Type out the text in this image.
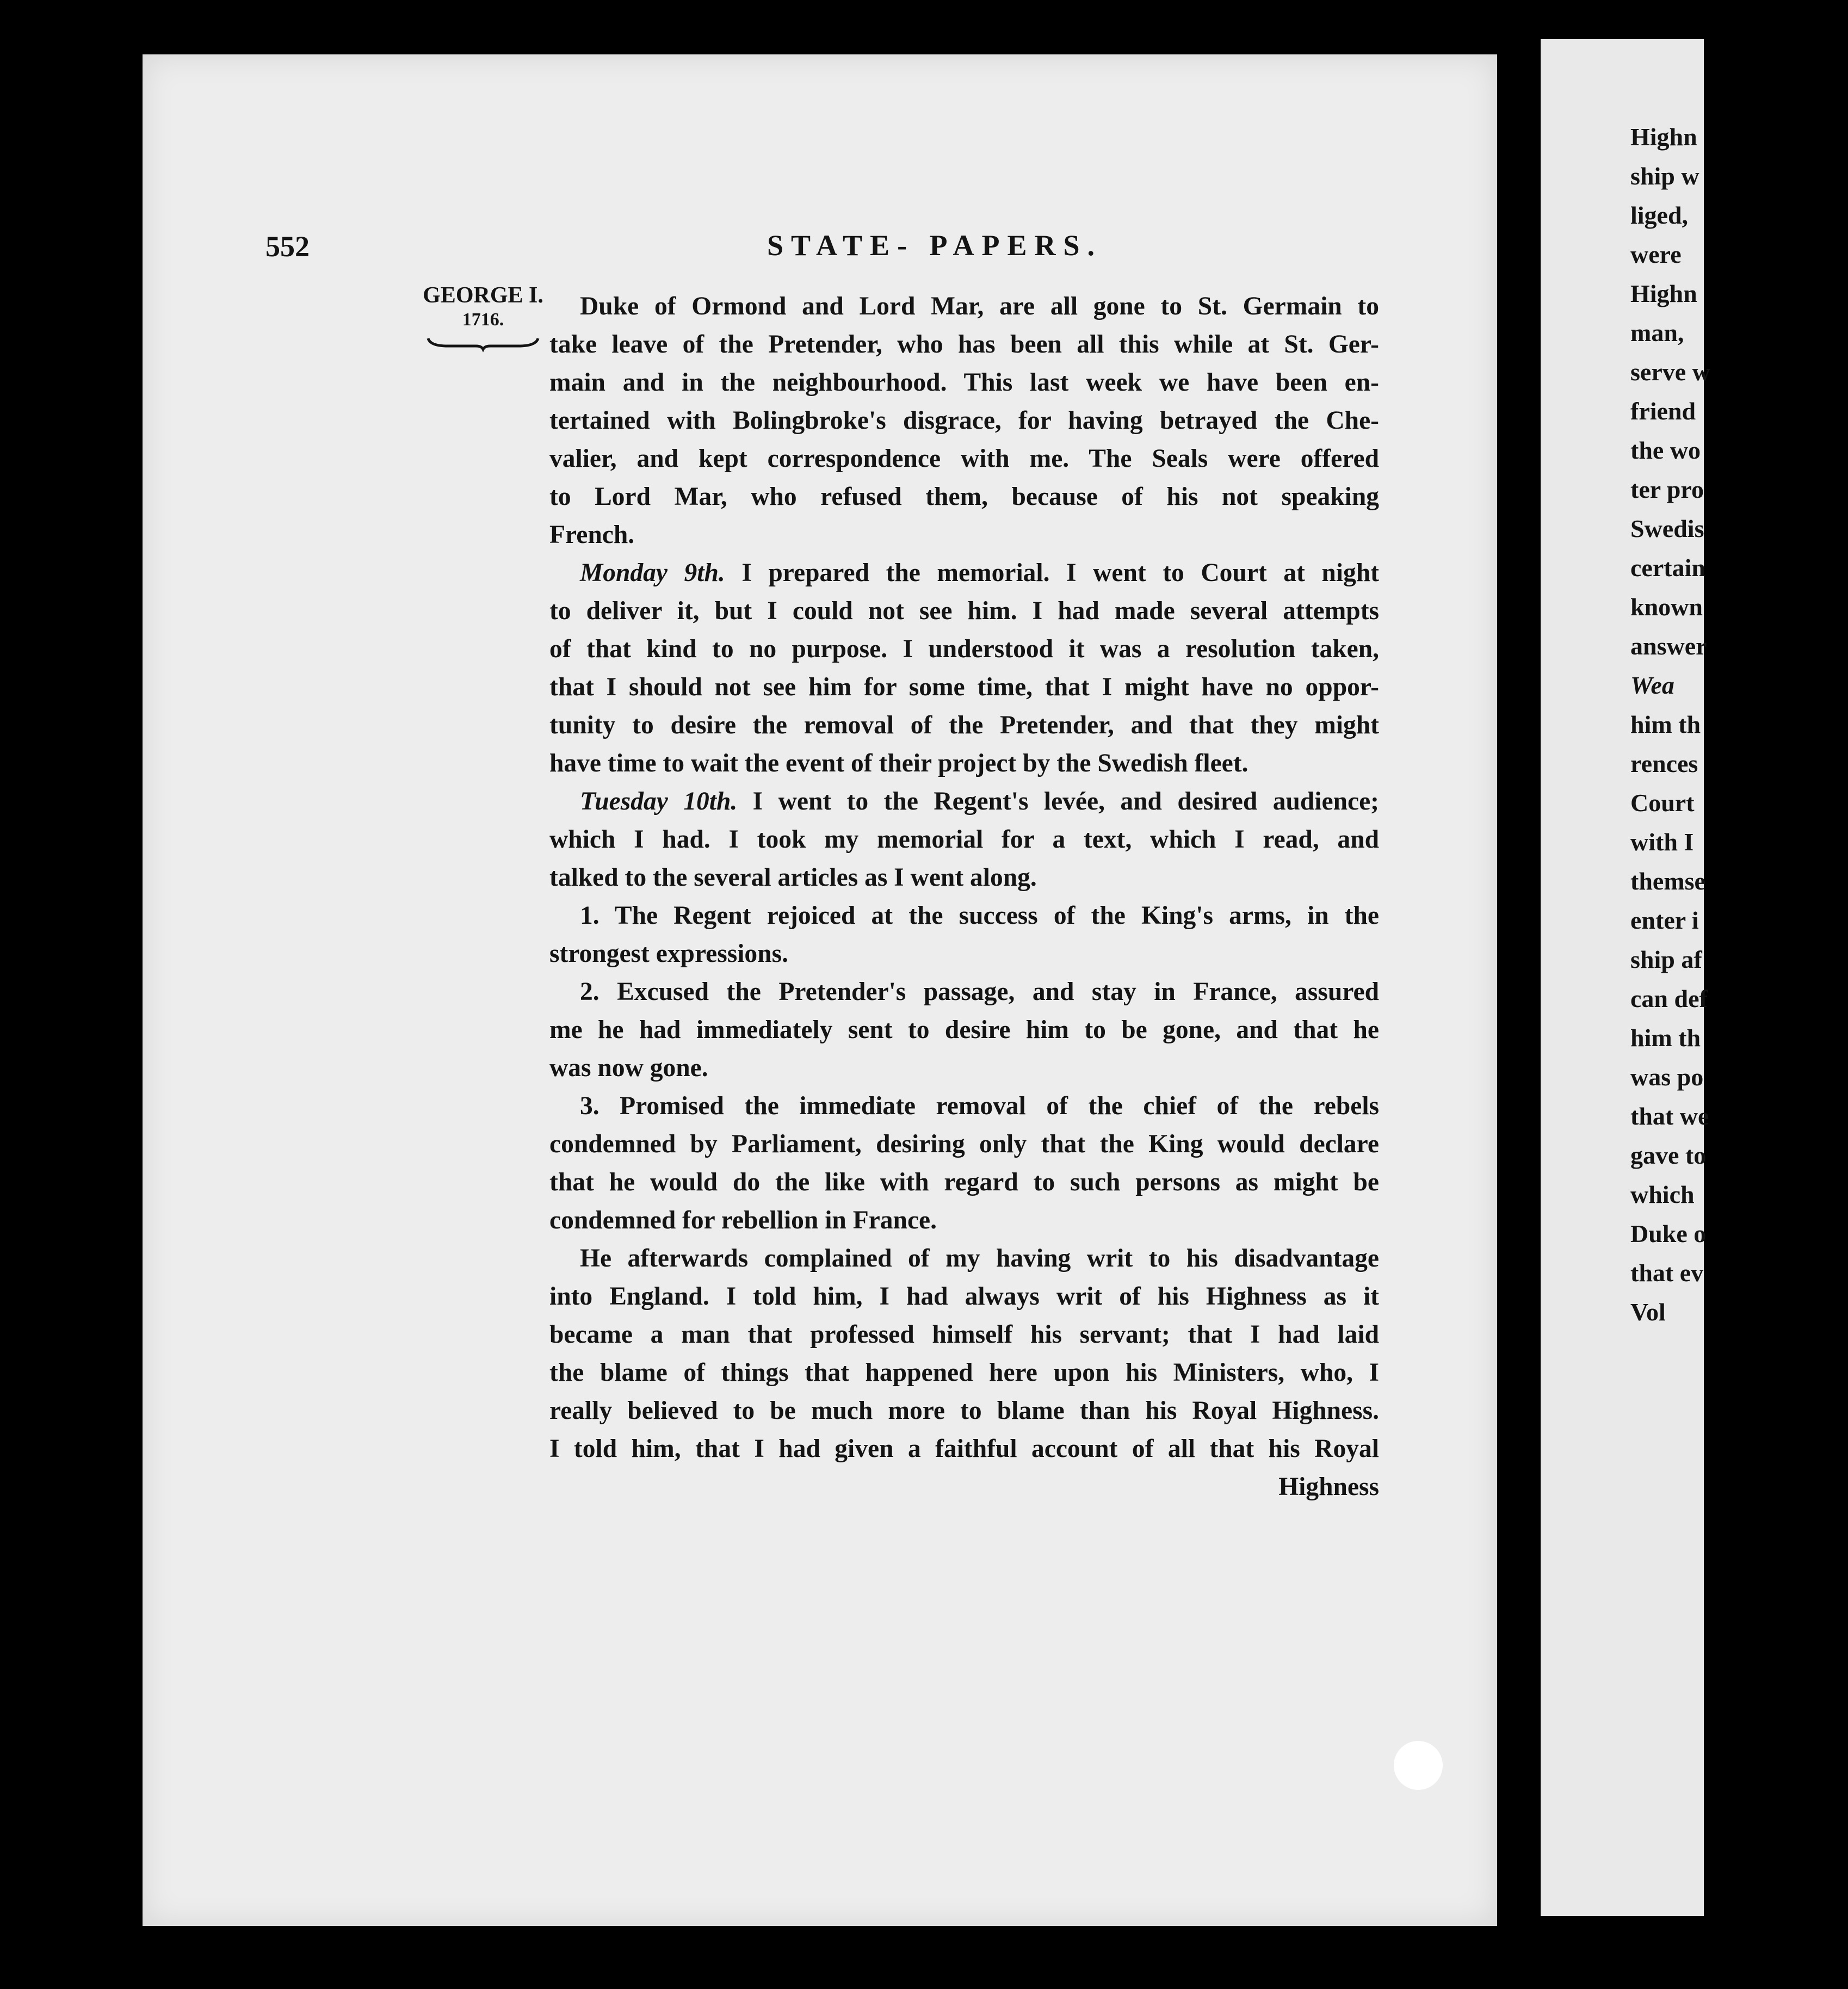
Highn
ship w
liged,
were
Highn
man,
serve w
friend
the wo
ter pro
Swedis
certain
known
answer
Wea
him th
rences
Court
with I
themse
enter i
ship af
can def
him th
was po
that we
gave to
which
Duke o
that ev
Vol
552	STATE- PAPERS.
GEORGE I.
1716.	Duke of Ormond and Lord Mar, are all gone to St. Germain to
take leave of the Pretender, who has been all this while at St. Ger-
main and in the neighbourhood. This last week we have been en-
tertained with Bolingbroke's disgrace, for having betrayed the Che-
valier, and kept correspondence with me. The Seals were offered
to Lord Mar, who refused them, because of his not speaking
French.
Monday 9th. I prepared the memorial. I went to Court at night
to deliver it, but I could not see him. I had made several attempts
of that kind to no purpose. I understood it was a resolution taken,
that I should not see him for some time, that I might have no oppor-
tunity to desire the removal of the Pretender, and that they might
have time to wait the event of their project by the Swedish fleet.
Tuesday 10th. I went to the Regent's levée, and desired audience;
which I had. I took my memorial for a text, which I read, and
talked to the several articles as I went along.
1. The Regent rejoiced at the success of the King's arms, in the
strongest expressions.
2. Excused the Pretender's passage, and stay in France, assured
me he had immediately sent to desire him to be gone, and that he
was now gone.
3. Promised the immediate removal of the chief of the rebels
condemned by Parliament, desiring only that the King would declare
that he would do the like with regard to such persons as might be
condemned for rebellion in France.
He afterwards complained of my having writ to his disadvantage
into England. I told him, I had always writ of his Highness as it
became a man that professed himself his servant; that I had laid
the blame of things that happened here upon his Ministers, who, I
really believed to be much more to blame than his Royal Highness.
I told him, that I had given a faithful account of all that his Royal
Highness
